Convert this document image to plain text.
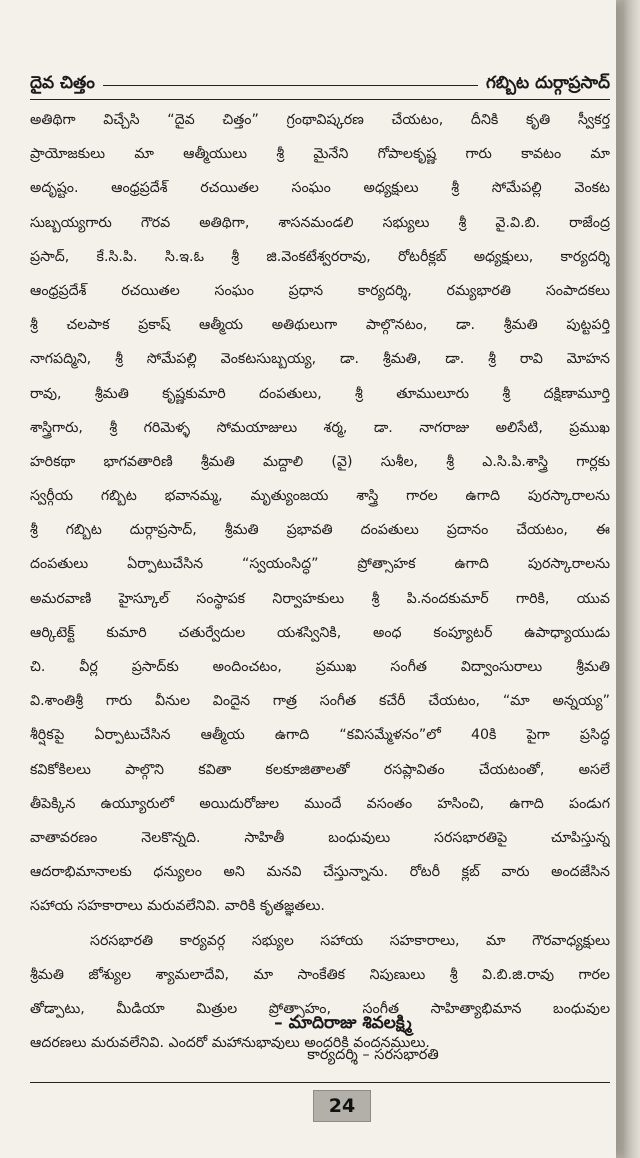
దైవ చిత్తం	గబ్బిట దుర్గాప్రసాద్
అతిథిగా విచ్చేసి “దైవ చిత్తం” గ్రంథావిష్కరణ చేయటం, దీనికి కృతి స్వీకర్త
ప్రాయోజకులు మా ఆత్మీయులు శ్రీ మైనేని గోపాలకృష్ణ గారు కావటం మా
అదృష్టం. ఆంధ్రప్రదేశ్ రచయితల సంఘం అధ్యక్షులు శ్రీ సోమేపల్లి వెంకట
సుబ్బయ్యగారు గౌరవ అతిథిగా, శాసనమండలి సభ్యులు శ్రీ వై.వి.బి. రాజేంద్ర
ప్రసాద్, కే.సి.పి. సి.ఇ.ఓ శ్రీ జి.వెంకటేశ్వరరావు, రోటరీక్లబ్ అధ్యక్షులు, కార్యదర్శి
ఆంధ్రప్రదేశ్ రచయితల సంఘం ప్రధాన కార్యదర్శి, రమ్యభారతి సంపాదకలు
శ్రీ చలపాక ప్రకాష్ ఆత్మీయ అతిథులుగా పాల్గొనటం, డా. శ్రీమతి పుట్టపర్తి
నాగపద్మిని, శ్రీ సోమేపల్లి వెంకటసుబ్బయ్య, డా. శ్రీమతి, డా. శ్రీ రావి మోహన
రావు, శ్రీమతి కృష్ణకుమారి దంపతులు, శ్రీ తూములూరు శ్రీ దక్షిణామూర్తి
శాస్త్రిగారు, శ్రీ గరిమెళ్ళ సోమయాజులు శర్మ, డా. నాగరాజు అలిసేటి, ప్రముఖ
హరికథా భాగవతారిణి శ్రీమతి మద్దాలి (వై) సుశీల, శ్రీ ఎ.సి.పి.శాస్త్రి గార్లకు
స్వర్గీయ గబ్బిట భవానమ్మ, మృత్యుంజయ శాస్త్రి గారల ఉగాది పురస్కారాలను
శ్రీ గబ్బిట దుర్గాప్రసాద్, శ్రీమతి ప్రభావతి దంపతులు ప్రదానం చేయటం, ఈ
దంపతులు ఏర్పాటుచేసిన “స్వయంసిద్ధ” ప్రోత్సాహక ఉగాది పురస్కారాలను
అమరవాణి హైస్కూల్ సంస్థాపక నిర్వాహకులు శ్రీ పి.నందకుమార్ గారికి, యువ
ఆర్కిటెక్ట్ కుమారి చతుర్వేదుల యశస్వినికి, అంధ కంప్యూటర్ ఉపాధ్యాయుడు
చి. వీర్ల ప్రసాద్‌కు అందించటం, ప్రముఖ సంగీత విద్వాంసురాలు శ్రీమతి
వి.శాంతిశ్రీ గారు వీనుల విందైన గాత్ర సంగీత కచేరీ చేయటం, “మా అన్నయ్య”
శీర్షికపై ఏర్పాటుచేసిన ఆత్మీయ ఉగాది “కవిసమ్మేళనం”లో 40కి పైగా ప్రసిద్ధ
కవికోకిలలు పాల్గొని కవితా కలకూజితాలతో రసప్లావితం చేయటంతో, అసలే
తీపెక్కిన ఉయ్యూరులో అయిదురోజుల ముందే వసంతం హసించి, ఉగాది పండుగ
వాతావరణం నెలకొన్నది. సాహితీ బంధువులు సరసభారతిపై చూపిస్తున్న
ఆదరాభిమానాలకు ధన్యులం అని మనవి చేస్తున్నాను. రోటరీ క్లబ్ వారు అందజేసిన
సహాయ సహకారాలు మరువలేనివి. వారికి కృతజ్ఞతలు.
సరసభారతి కార్యవర్గ సభ్యుల సహాయ సహకారాలు, మా గౌరవాధ్యక్షులు
శ్రీమతి జోశ్యుల శ్యామలాదేవి, మా సాంకేతిక నిపుణులు శ్రీ వి.బి.జి.రావు గారల
తోడ్పాటు, మీడియా మిత్రుల ప్రోత్సాహం, సంగీత సాహిత్యాభిమాన బంధువుల
ఆదరణలు మరువలేనివి. ఎందరో మహానుభావులు అందరికి వందనములు.
– మాదిరాజు శివలక్ష్మి
కార్యదర్శి – సరసభారతి
24
